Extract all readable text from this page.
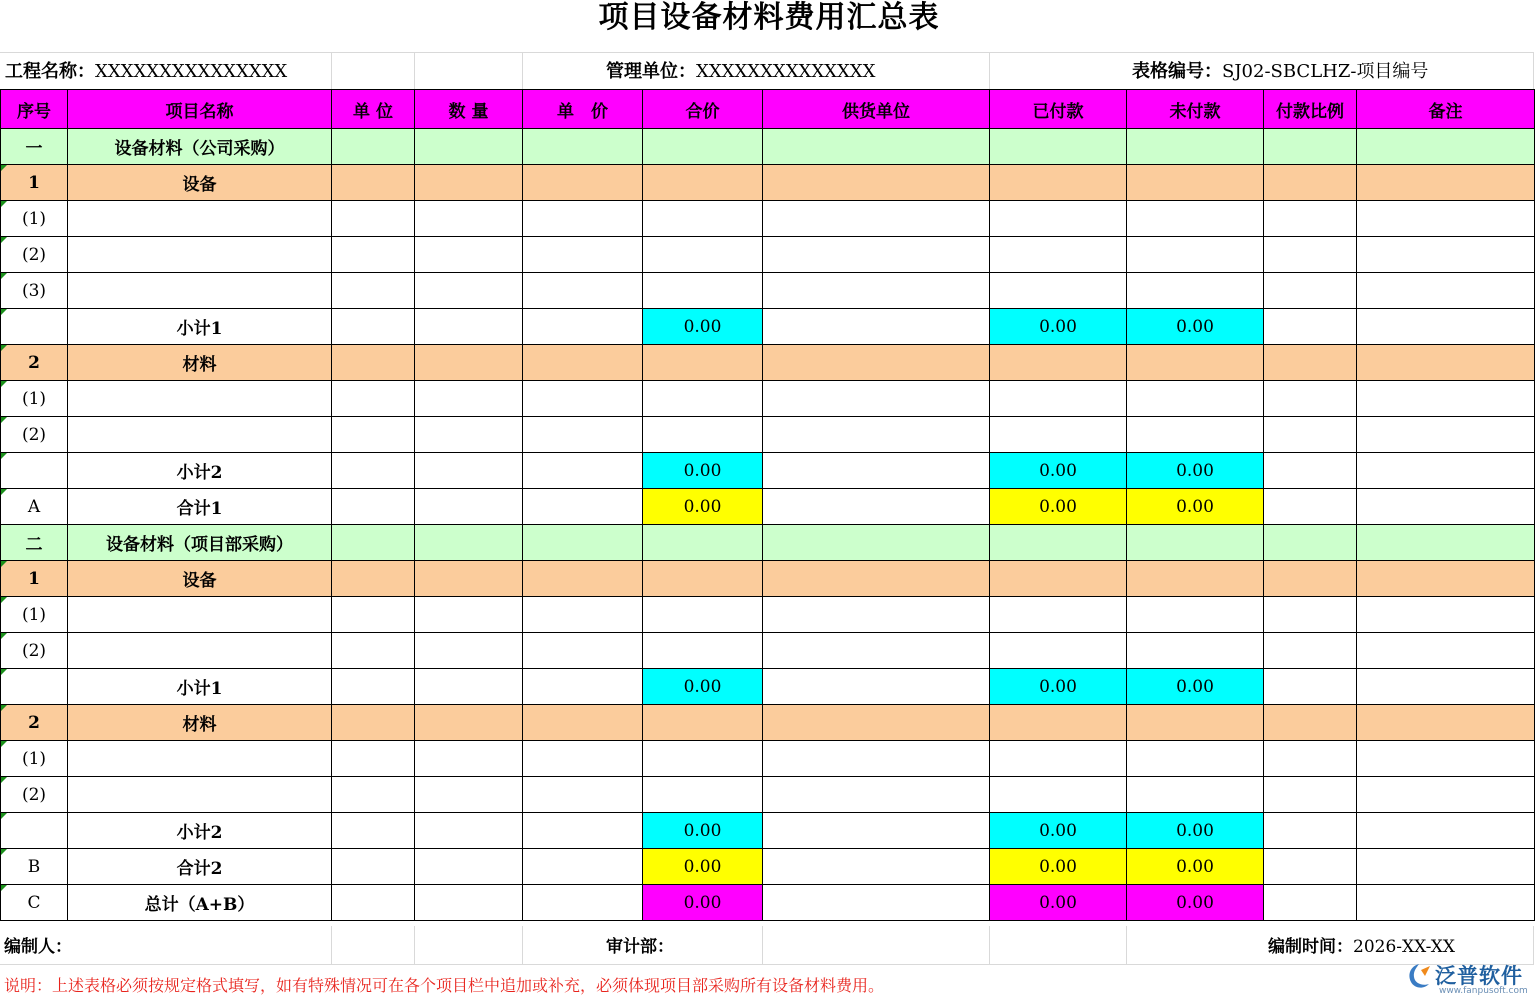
项目设备材料费用汇总表
工程名称：XXXXXXXXXXXXXXX	管理单位：XXXXXXXXXXXXXX	表格编号：SJ02-SBCLHZ-项目编号
序号	项目名称	单 位	数 量	单　价	合价	供货单位	已付款	未付款	付款比例	备注
一	设备材料（公司采购）									
1	设备									
(1)										
(2)										
(3)										
	小计1				0.00		0.00	0.00		
2	材料									
(1)										
(2)										
	小计2				0.00		0.00	0.00		
A	合计1				0.00		0.00	0.00		
二	设备材料（项目部采购）									
1	设备									
(1)										
(2)										
	小计1				0.00		0.00	0.00		
2	材料									
(1)										
(2)										
	小计2				0.00		0.00	0.00		
B	合计2				0.00		0.00	0.00		
C	总计（A+B）				0.00		0.00	0.00		
编制人：	审计部：	编制时间：2026-XX-XX
说明：上述表格必须按规定格式填写，如有特殊情况可在各个项目栏中追加或补充，必须体现项目部采购所有设备材料费用。	泛普软件
www.fanpusoft.com
